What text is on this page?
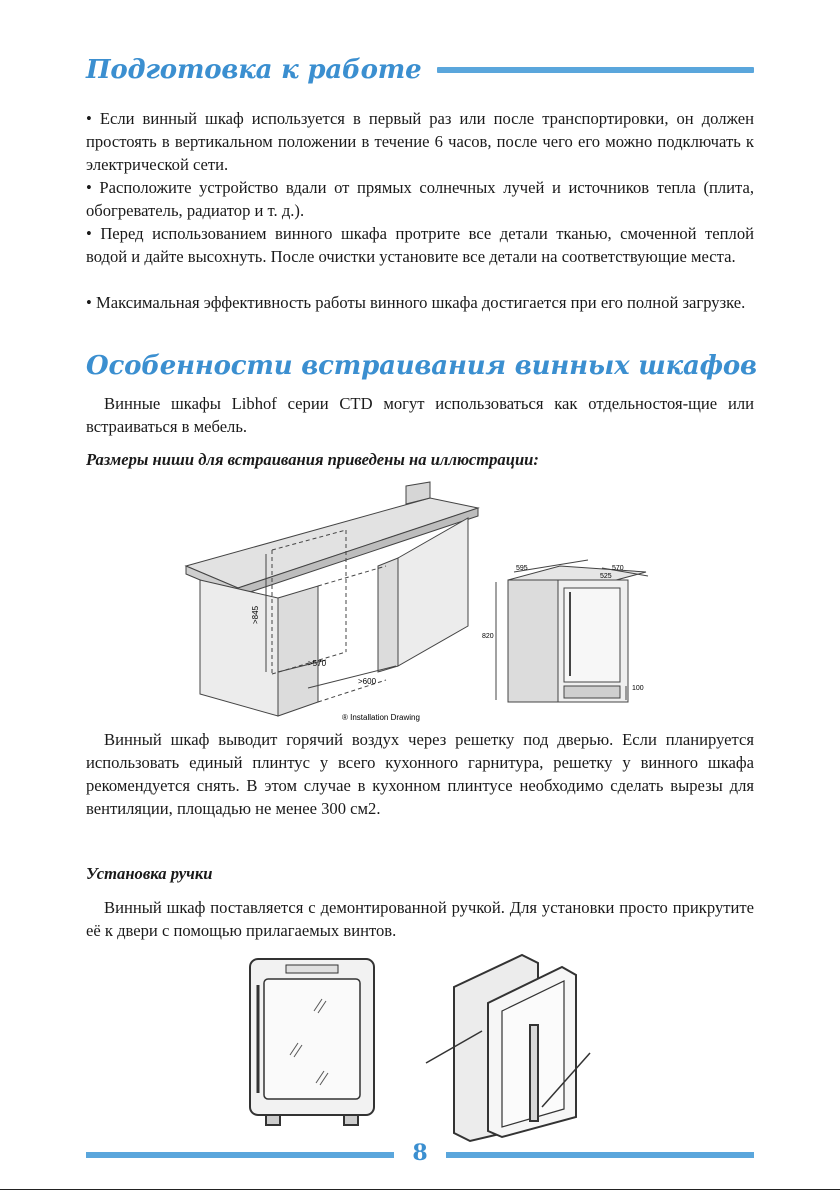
Подготовка к работе

• Если винный шкаф используется в первый раз или после транспортировки, он должен простоять в вертикальном положении в течение 6 часов, после чего его можно подключать к электрической сети.

• Расположите устройство вдали от прямых солнечных лучей и источников тепла (плита, обогреватель, радиатор и т. д.).

• Перед использованием винного шкафа протрите все детали тканью, смоченной теплой водой и дайте высохнуть. После очистки установите все детали на соответствующие места.

• Максимальная эффективность работы винного шкафа достигается при его полной загрузке.

Особенности встраивания винных шкафов

Винные шкафы Libhof серии CTD могут использоваться как отдельностоя-щие или встраиваться в мебель.

Размеры ниши для встраивания приведены на иллюстрации:

>845
>570
>600
595	570
525
820
100
® Installation Drawing

Винный шкаф выводит горячий воздух через решетку под дверью. Если планируется использовать единый плинтус у всего кухонного гарнитура, решетку у винного шкафа рекомендуется снять. В этом случае в кухонном плинтусе необходимо сделать вырезы для вентиляции, площадью не менее 300 см2.

Установка ручки

Винный шкаф поставляется с демонтированной ручкой. Для установки просто прикрутите её к двери с помощью прилагаемых винтов.

8
